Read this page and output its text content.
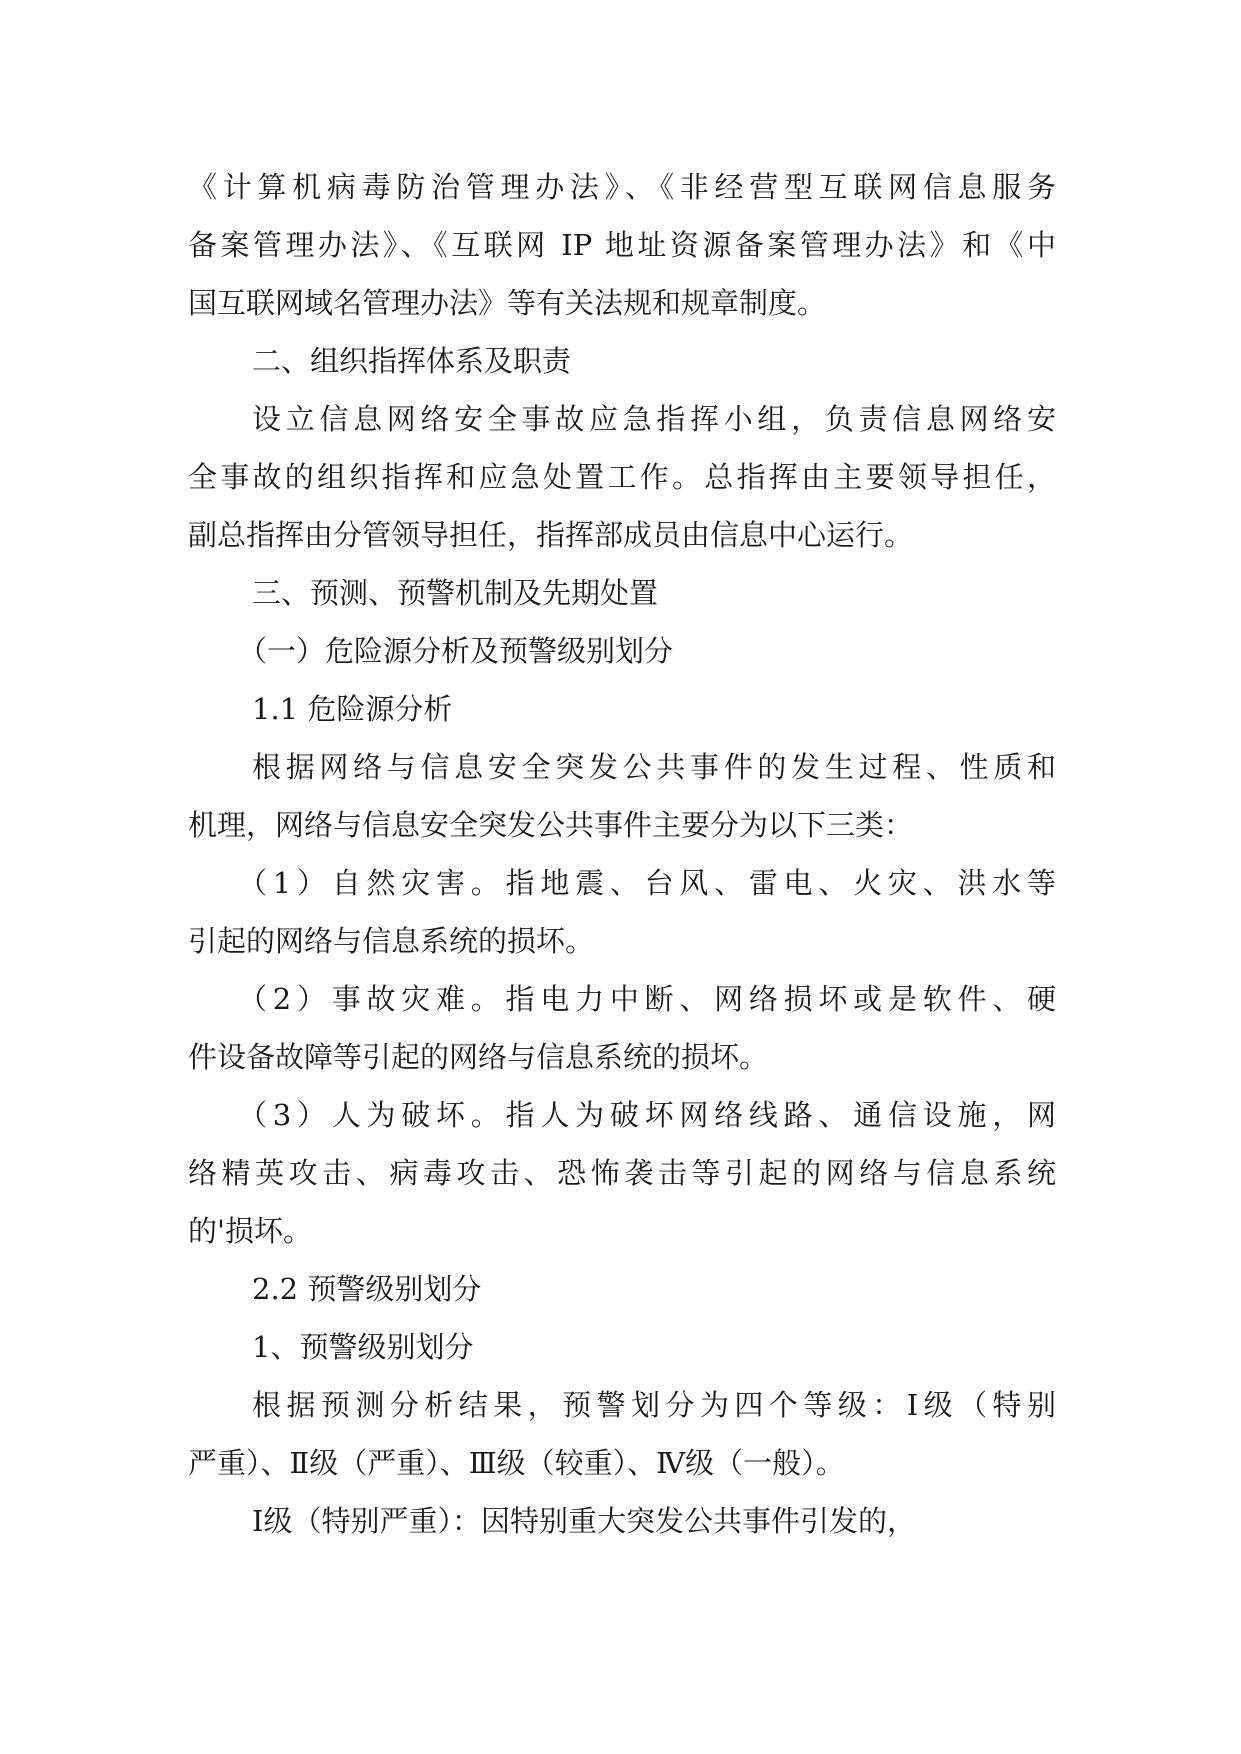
《计算机病毒防治管理办法》、《非经营型互联网信息服务
备案管理办法》、《互联网 IP 地址资源备案管理办法》和《中
国互联网域名管理办法》等有关法规和规章制度。
二、组织指挥体系及职责
设立信息网络安全事故应急指挥小组，负责信息网络安
全事故的组织指挥和应急处置工作。总指挥由主要领导担任，
副总指挥由分管领导担任，指挥部成员由信息中心运行。
三、预测、预警机制及先期处置
（一）危险源分析及预警级别划分
1.1 危险源分析
根据网络与信息安全突发公共事件的发生过程、性质和
机理，网络与信息安全突发公共事件主要分为以下三类：
（1）自然灾害。指地震、台风、雷电、火灾、洪水等
引起的网络与信息系统的损坏。
（2）事故灾难。指电力中断、网络损坏或是软件、硬
件设备故障等引起的网络与信息系统的损坏。
（3）人为破坏。指人为破坏网络线路、通信设施，网
络精英攻击、病毒攻击、恐怖袭击等引起的网络与信息系统
的'损坏。
2.2 预警级别划分
1、预警级别划分
根据预测分析结果，预警划分为四个等级：Ⅰ级（特别
严重）、Ⅱ级（严重）、Ⅲ级（较重）、Ⅳ级（一般）。
Ⅰ级（特别严重）：因特别重大突发公共事件引发的，
